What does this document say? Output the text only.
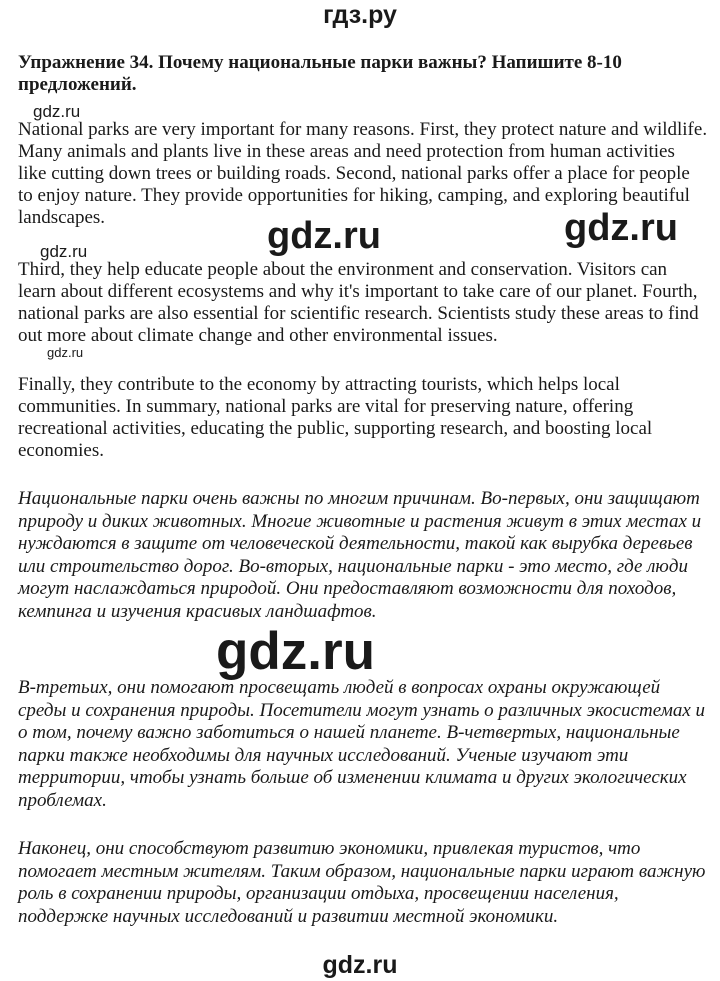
гдз.ру
Упражнение 34. Почему национальные парки важны? Напишите 8-10 предложений.
gdz.ru
National parks are very important for many reasons. First, they protect nature and wildlife. Many animals and plants live in these areas and need protection from human activities like cutting down trees or building roads. Second, national parks offer a place for people to enjoy nature. They provide opportunities for hiking, camping, and exploring beautiful landscapes.	gdz.ru	gdz.ru
gdz.ru
Third, they help educate people about the environment and conservation. Visitors can learn about different ecosystems and why it's important to take care of our planet. Fourth, national parks are also essential for scientific research. Scientists study these areas to find out more about climate change and other environmental issues.
gdz.ru
Finally, they contribute to the economy by attracting tourists, which helps local communities. In summary, national parks are vital for preserving nature, offering recreational activities, educating the public, supporting research, and boosting local economies.
Национальные парки очень важны по многим причинам. Во-первых, они защищают природу и диких животных. Многие животные и растения живут в этих местах и нуждаются в защите от человеческой деятельности, такой как вырубка деревьев или строительство дорог. Во-вторых, национальные парки - это место, где люди могут наслаждаться природой. Они предоставляют возможности для походов, кемпинга и изучения красивых ландшафтов.
gdz.ru
В-третьих, они помогают просвещать людей в вопросах охраны окружающей среды и сохранения природы. Посетители могут узнать о различных экосистемах и о том, почему важно заботиться о нашей планете. В-четвертых, национальные парки также необходимы для научных исследований. Ученые изучают эти территории, чтобы узнать больше об изменении климата и других экологических проблемах.
Наконец, они способствуют развитию экономики, привлекая туристов, что помогает местным жителям. Таким образом, национальные парки играют важную роль в сохранении природы, организации отдыха, просвещении населения, поддержке научных исследований и развитии местной экономики.
gdz.ru
